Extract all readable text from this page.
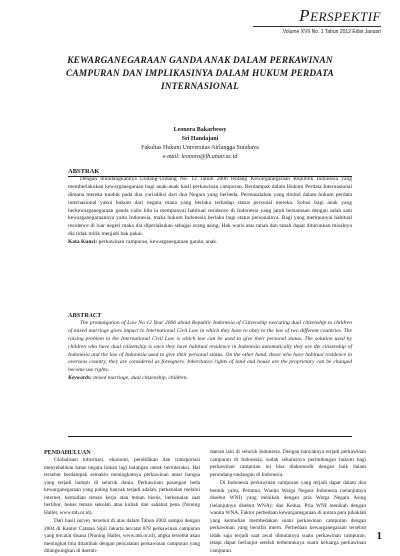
PERSPEKTIF
Volume XVII No. 1 Tahun 2012 Edisi Januari
KEWARGANEGARAAN GANDA ANAK DALAM PERKAWINAN CAMPURAN DAN IMPLIKASINYA DALAM HUKUM PERDATA INTERNASIONAL
Leonora Bakarbessy
Sri Handajani
Fakultas Hukum Universitas Airlangga Surabaya
e-mail: leonora@fh.unair.ac.id
ABSTRAK

Dengan diundangkannya Undang-Undang No. 12 Tahun 2006 tentang Kewarganegaraan Republik Indonesia yang memberlakukan kewarganegaraan bagi anak-anak hasil perkawinan campuran. Berdampak dalam Hukum Perdata Internasional dimana mereka tunduk pada dua yurisdiksi dari dua Negara yang berbeda. Permasalahan yang timbul dalam hukum perdata internasional yakni hukum dari negara mana yang berlaku terhadap status personal mereka. Solusi bagi anak yang berkewarganegaraan ganda yaitu bila ia mempunyai habitual residence di Indonesia yang jatuh bersamaan dengan salah satu kewarganegaraannya yaitu Indonesia, maka hukum Indonesia berlaku bagi status personalnya. Bagi yang mempunyai habitual residence di luar negeri maka dia diperlakukan sebagai orang asing. Hak waris atas tanah dan tanah dapat diturunkan misalnya dia tidak milik menjadi hak pakai.

Kata Kunci: perkawinan campuran, kewarganegaraan ganda, anak.

ABSTRACT

The promulgation of Law No 12 Year 2006 about Republic Indonesia of Citizenship executing dual citizenship to children of mixed marriage gives impact to International Civil Law in which they have to obey to the law of two different countries. The raising problem in the International Civil Law is which law can be used to give their personal status. The solution used by children who have dual citizenship is once they have habitual residence in Indonesia automatically they are the citizenship of Indonesia and the law of Indonesia used to give their personal status. On the other hand, those who have habitual residence in overseas country, they are considered as foreigners. Inheritance rights of land and house are the proprietary can be changed become use rights.

Keywords: mixed marriage, dual citizenship, children.

PENDAHULUAN

Globalisasi informasi, ekonomi, pendidikan dan transportasi menyebabkan batas negara bukan lagi halangan untuk berinteraksi. Hal tersebut berdampak semakin meningkatnya perkawinan antar bangsa yang terjadi hampir di seluruh dunia. Perkawinan pasangan beda kewarganegaraan yang paling banyak terjadi adalah, perkenalan melalui internet, kemudian teman kerja atau teman bisnis, berkenalan saat berlibur, bekas teman sekolah atau kuliah dan sahabat pena (Nuning Hallet, www.mh.or.id).

Dari hasil survey tersebut di atas dalam Tahun 2002 sampai dengan 2004 di Kantor Catatan Sipil Jakarta tercatat 878 perkawinan campuran yang tercatat disana (Nuning Hallet, www.mh.or.id), angka tersebut akan meningkat bila ditambah dengan pencatatan perkawinan campuran yang dilangsungkan di daerah-

daerah lain di seluruh Indonesia. Dengan banyaknya terjadi perkawinan campuran di Indonesia, sudah seharusnya perlindungan hukum bagi perkawinan campuran ini bisa diakomodir dengan baik dalam perundang-undangan di Indonesia.

Di Indonesia perkawinan campuran yang terjadi dapat dalam dua bentuk yaitu, Pertama, Wanita Warga Negara Indonesia (selanjutnya disebut WNI) yang menikah dengan pria Warga Negara Asing (selanjutnya disebut WNA); dan Kedua, Pria WNI menikah dengan wanita WNA. Faktor perbedaan kewarganegaraan di antara para pihaklah yang kemudian membedakan suatu perkawinan campuran dengan perkawinan yang bersifat intern. Perbedaan kewarganegaraan tersebut tidak saja terjadi saat awal dimulainya suatu perkawinan campuran, tetapi dapat berlanjut setelah terbentuknya suatu keluarga perkawinan campuran.

1
